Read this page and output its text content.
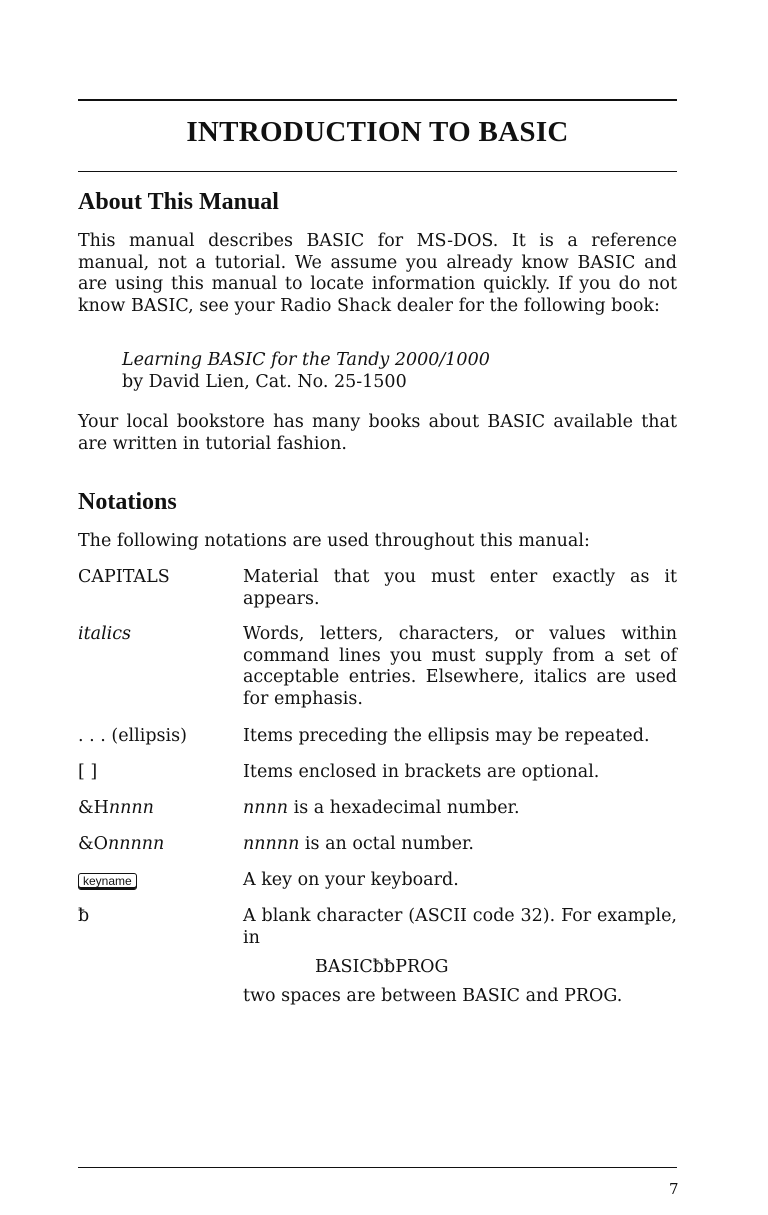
INTRODUCTION TO BASIC
About This Manual

This manual describes BASIC for MS-DOS. It is a reference manual, not a tutorial. We assume you already know BASIC and are using this manual to locate information quickly. If you do not know BASIC, see your Radio Shack dealer for the following book:

Learning BASIC for the Tandy 2000/1000
by David Lien, Cat. No. 25-1500

Your local bookstore has many books about BASIC available that are written in tutorial fashion.

Notations

The following notations are used throughout this manual:

CAPITALS	Material that you must enter exactly as it appears.
italics	Words, letters, characters, or values within command lines you must supply from a set of acceptable entries. Elsewhere, italics are used for emphasis.
. . . (ellipsis)	Items preceding the ellipsis may be repeated.
[ ]	Items enclosed in brackets are optional.
&Hnnnn	nnnn is a hexadecimal number.
&Onnnnn	nnnnn is an octal number.
keyname	A key on your keyboard.
ƀ	A blank character (ASCII code 32). For example, in
BASICƀƀPROG
two spaces are between BASIC and PROG.
7
